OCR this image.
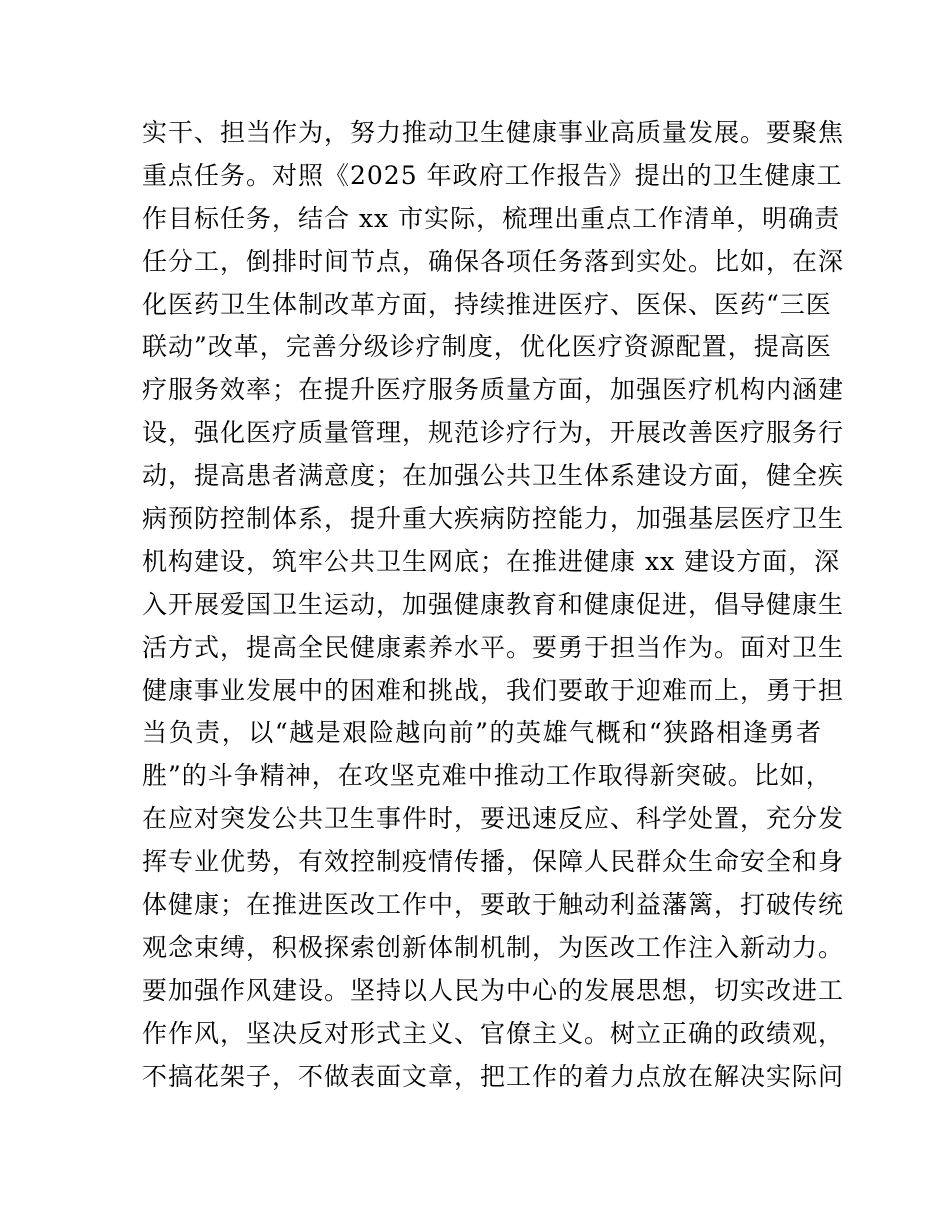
实干、担当作为，努力推动卫生健康事业高质量发展。要聚焦
重点任务。对照《2025 年政府工作报告》提出的卫生健康工
作目标任务，结合 xx 市实际，梳理出重点工作清单，明确责
任分工，倒排时间节点，确保各项任务落到实处。比如，在深
化医药卫生体制改革方面，持续推进医疗、医保、医药“三医
联动”改革，完善分级诊疗制度，优化医疗资源配置，提高医
疗服务效率；在提升医疗服务质量方面，加强医疗机构内涵建
设，强化医疗质量管理，规范诊疗行为，开展改善医疗服务行
动，提高患者满意度；在加强公共卫生体系建设方面，健全疾
病预防控制体系，提升重大疾病防控能力，加强基层医疗卫生
机构建设，筑牢公共卫生网底；在推进健康 xx 建设方面，深
入开展爱国卫生运动，加强健康教育和健康促进，倡导健康生
活方式，提高全民健康素养水平。要勇于担当作为。面对卫生
健康事业发展中的困难和挑战，我们要敢于迎难而上，勇于担
当负责，以“越是艰险越向前”的英雄气概和“狭路相逢勇者
胜”的斗争精神，在攻坚克难中推动工作取得新突破。比如，
在应对突发公共卫生事件时，要迅速反应、科学处置，充分发
挥专业优势，有效控制疫情传播，保障人民群众生命安全和身
体健康；在推进医改工作中，要敢于触动利益藩篱，打破传统
观念束缚，积极探索创新体制机制，为医改工作注入新动力。
要加强作风建设。坚持以人民为中心的发展思想，切实改进工
作作风，坚决反对形式主义、官僚主义。树立正确的政绩观，
不搞花架子，不做表面文章，把工作的着力点放在解决实际问
